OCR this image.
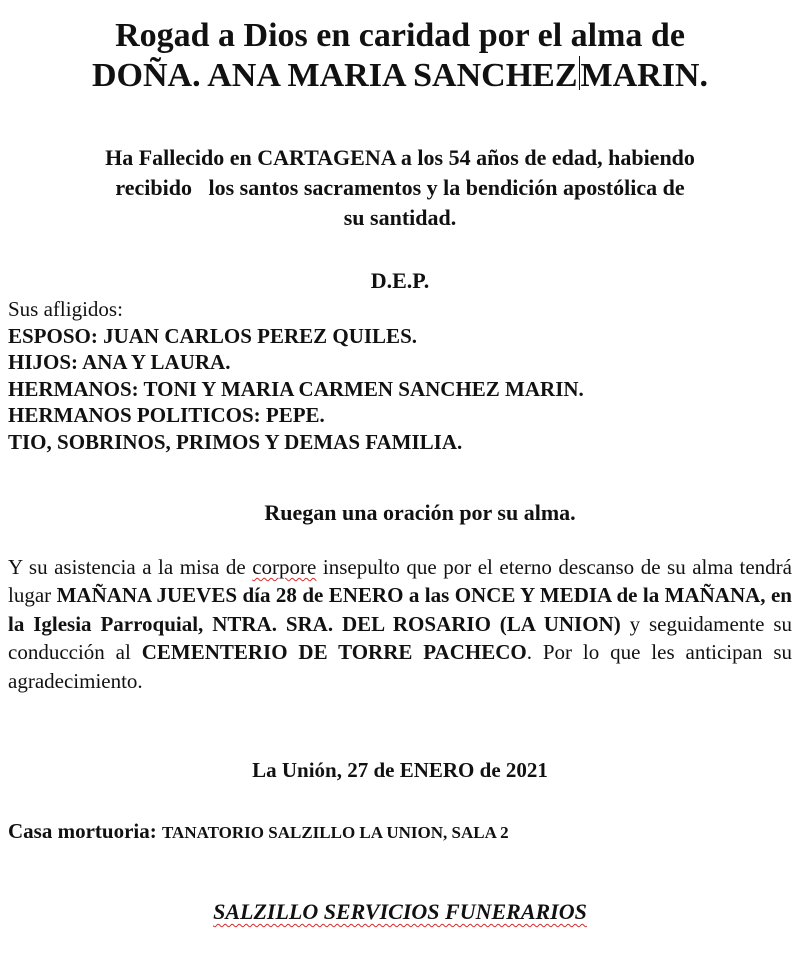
Rogad a Dios en caridad por el alma de
DOÑA. ANA MARIA SANCHEZMARIN.
Ha Fallecido en CARTAGENA a los 54 años de edad, habiendo
recibido   los santos sacramentos y la bendición apostólica de
su santidad.
D.E.P.
Sus afligidos:
ESPOSO: JUAN CARLOS PEREZ QUILES.
HIJOS: ANA Y LAURA.
HERMANOS: TONI Y MARIA CARMEN SANCHEZ MARIN.
HERMANOS POLITICOS: PEPE.
TIO, SOBRINOS, PRIMOS Y DEMAS FAMILIA.
Ruegan una oración por su alma.
Y su asistencia a la misa de corpore insepulto que por el eterno descanso de su alma tendrá lugar MAÑANA JUEVES día 28 de ENERO a las ONCE Y MEDIA de la MAÑANA, en la Iglesia Parroquial, NTRA. SRA. DEL ROSARIO (LA UNION) y seguidamente su conducción al CEMENTERIO DE TORRE PACHECO. Por lo que les anticipan su agradecimiento.
La Unión, 27 de ENERO de 2021
Casa mortuoria: TANATORIO SALZILLO LA UNION, SALA 2
SALZILLO SERVICIOS FUNERARIOS
